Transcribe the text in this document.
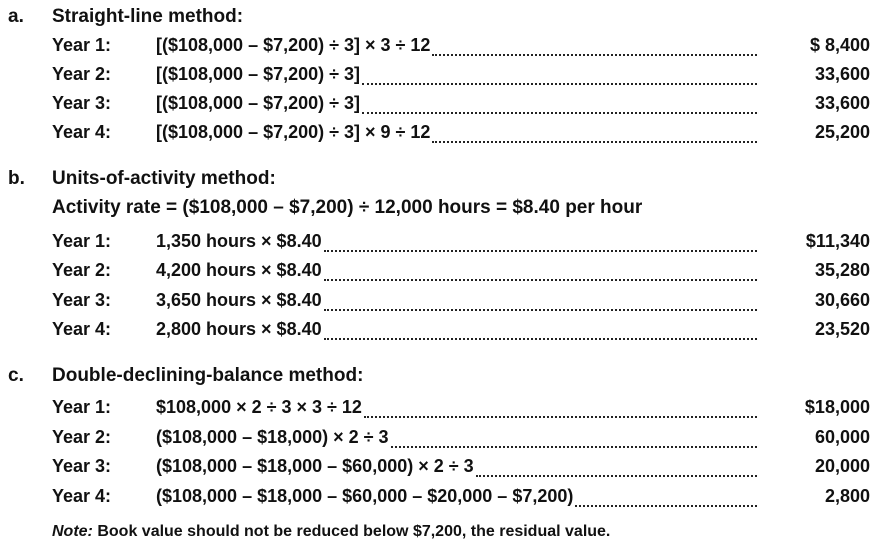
a. Straight-line method:
Year 1: [($108,000 – $7,200) ÷ 3] × 3 ÷ 12	$ 8,400
Year 2: [($108,000 – $7,200) ÷ 3]	33,600
Year 3: [($108,000 – $7,200) ÷ 3]	33,600
Year 4: [($108,000 – $7,200) ÷ 3] × 9 ÷ 12	25,200
b. Units-of-activity method:
Activity rate = ($108,000 – $7,200) ÷ 12,000 hours = $8.40 per hour
Year 1: 1,350 hours × $8.40	$11,340
Year 2: 4,200 hours × $8.40	35,280
Year 3: 3,650 hours × $8.40	30,660
Year 4: 2,800 hours × $8.40	23,520
c. Double-declining-balance method:
Year 1: $108,000 × 2 ÷ 3 × 3 ÷ 12	$18,000
Year 2: ($108,000 – $18,000) × 2 ÷ 3	60,000
Year 3: ($108,000 – $18,000 – $60,000) × 2 ÷ 3	20,000
Year 4: ($108,000 – $18,000 – $60,000 – $20,000 – $7,200)	2,800
Note: Book value should not be reduced below $7,200, the residual value.
